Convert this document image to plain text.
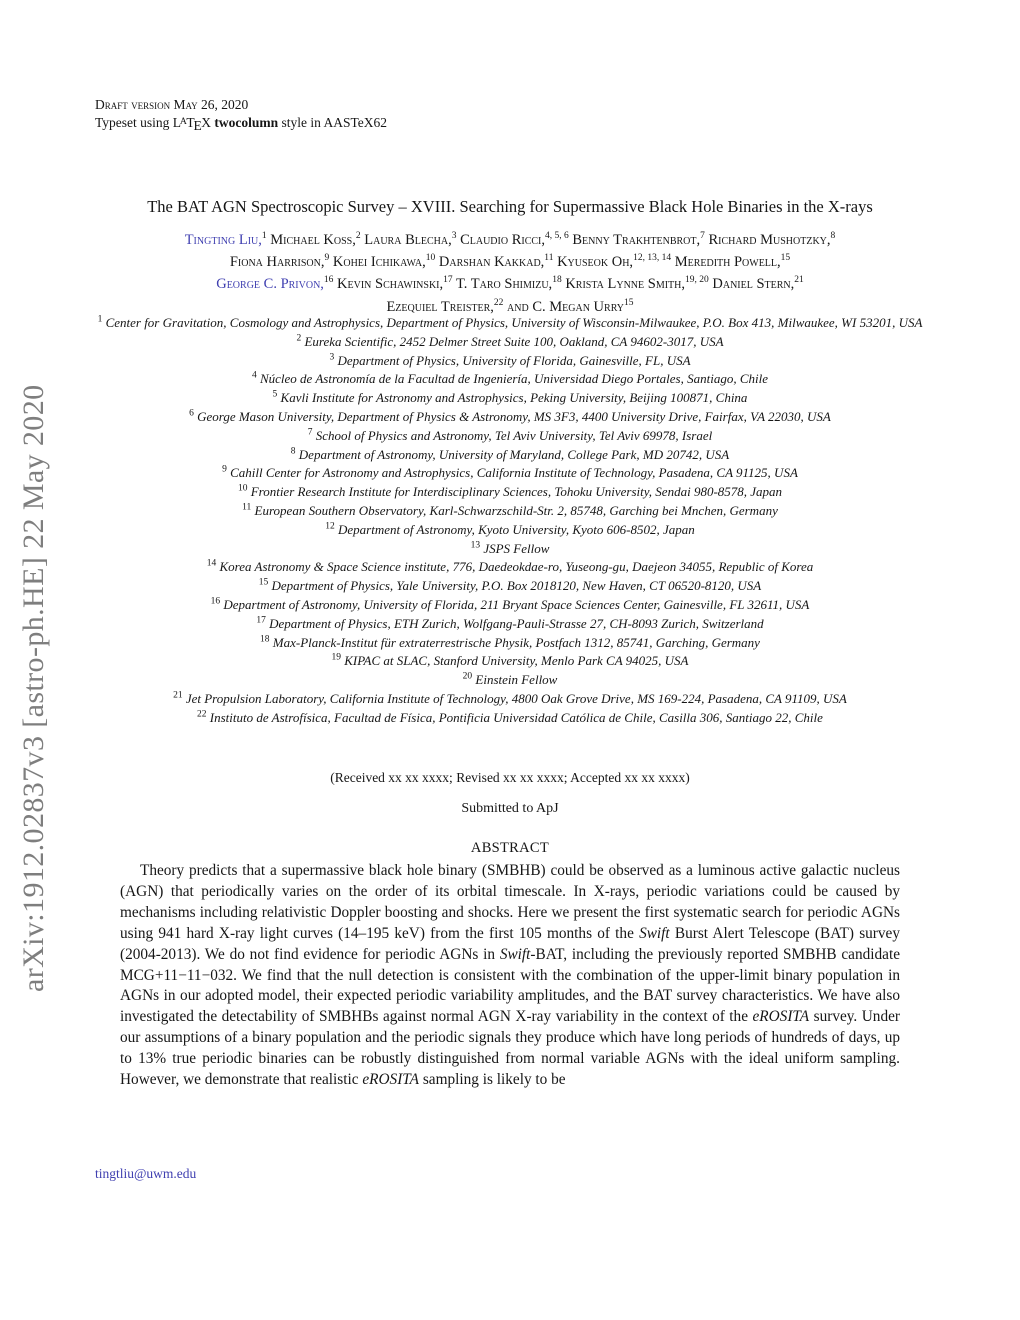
arXiv:1912.02837v3 [astro-ph.HE] 22 May 2020
Draft version May 26, 2020
Typeset using $L^ATEX$ twocolumn style in AASTeX62
The BAT AGN Spectroscopic Survey – XVIII. Searching for Supermassive Black Hole Binaries in the X-rays
Tingting Liu,$^1$ Michael Koss,$^2$ Laura Blecha,$^3$ Claudio Ricci,$^{4, 5, 6}$ Benny Trakhtenbrot,$^7$ Richard Mushotzky,$^8$
Fiona Harrison,$^9$ Kohei Ichikawa,$^{10}$ Darshan Kakkad,$^{11}$ Kyuseok Oh,$^{12, 13, 14}$ Meredith Powell,$^{15}$
George C. Privon,$^{16}$ Kevin Schawinski,$^{17}$ T. Taro Shimizu,$^{18}$ Krista Lynne Smith,$^{19, 20}$ Daniel Stern,$^{21}$
Ezequiel Treister,$^{22}$ and C. Megan Urry$^{15}$
$^1$ Center for Gravitation, Cosmology and Astrophysics, Department of Physics, University of Wisconsin-Milwaukee, P.O. Box 413, Milwaukee, WI 53201, USA
$^2$ Eureka Scientific, 2452 Delmer Street Suite 100, Oakland, CA 94602-3017, USA
$^3$ Department of Physics, University of Florida, Gainesville, FL, USA
$^4$ Núcleo de Astronomía de la Facultad de Ingeniería, Universidad Diego Portales, Santiago, Chile
$^5$ Kavli Institute for Astronomy and Astrophysics, Peking University, Beijing 100871, China
$^6$ George Mason University, Department of Physics & Astronomy, MS 3F3, 4400 University Drive, Fairfax, VA 22030, USA
$^7$ School of Physics and Astronomy, Tel Aviv University, Tel Aviv 69978, Israel
$^8$ Department of Astronomy, University of Maryland, College Park, MD 20742, USA
$^9$ Cahill Center for Astronomy and Astrophysics, California Institute of Technology, Pasadena, CA 91125, USA
$^{10}$ Frontier Research Institute for Interdisciplinary Sciences, Tohoku University, Sendai 980-8578, Japan
$^{11}$ European Southern Observatory, Karl-Schwarzschild-Str. 2, 85748, Garching bei Mnchen, Germany
$^{12}$ Department of Astronomy, Kyoto University, Kyoto 606-8502, Japan
$^{13}$ JSPS Fellow
$^{14}$ Korea Astronomy & Space Science institute, 776, Daedeokdae-ro, Yuseong-gu, Daejeon 34055, Republic of Korea
$^{15}$ Department of Physics, Yale University, P.O. Box 2018120, New Haven, CT 06520-8120, USA
$^{16}$ Department of Astronomy, University of Florida, 211 Bryant Space Sciences Center, Gainesville, FL 32611, USA
$^{17}$ Department of Physics, ETH Zurich, Wolfgang-Pauli-Strasse 27, CH-8093 Zurich, Switzerland
$^{18}$ Max-Planck-Institut für extraterrestrische Physik, Postfach 1312, 85741, Garching, Germany
$^{19}$ KIPAC at SLAC, Stanford University, Menlo Park CA 94025, USA
$^{20}$ Einstein Fellow
$^{21}$ Jet Propulsion Laboratory, California Institute of Technology, 4800 Oak Grove Drive, MS 169-224, Pasadena, CA 91109, USA
$^{22}$ Instituto de Astrofísica, Facultad de Física, Pontificia Universidad Católica de Chile, Casilla 306, Santiago 22, Chile
(Received xx xx xxxx; Revised xx xx xxxx; Accepted xx xx xxxx)
Submitted to ApJ
ABSTRACT
Theory predicts that a supermassive black hole binary (SMBHB) could be observed as a luminous active galactic nucleus (AGN) that periodically varies on the order of its orbital timescale. In X-rays, periodic variations could be caused by mechanisms including relativistic Doppler boosting and shocks. Here we present the first systematic search for periodic AGNs using 941 hard X-ray light curves (14–195 keV) from the first 105 months of the Swift Burst Alert Telescope (BAT) survey (2004-2013). We do not find evidence for periodic AGNs in Swift-BAT, including the previously reported SMBHB candidate MCG+11−11−032. We find that the null detection is consistent with the combination of the upper-limit binary population in AGNs in our adopted model, their expected periodic variability amplitudes, and the BAT survey characteristics. We have also investigated the detectability of SMBHBs against normal AGN X-ray variability in the context of the eROSITA survey. Under our assumptions of a binary population and the periodic signals they produce which have long periods of hundreds of days, up to 13% true periodic binaries can be robustly distinguished from normal variable AGNs with the ideal uniform sampling. However, we demonstrate that realistic eROSITA sampling is likely to be
tingtliu@uwm.edu
